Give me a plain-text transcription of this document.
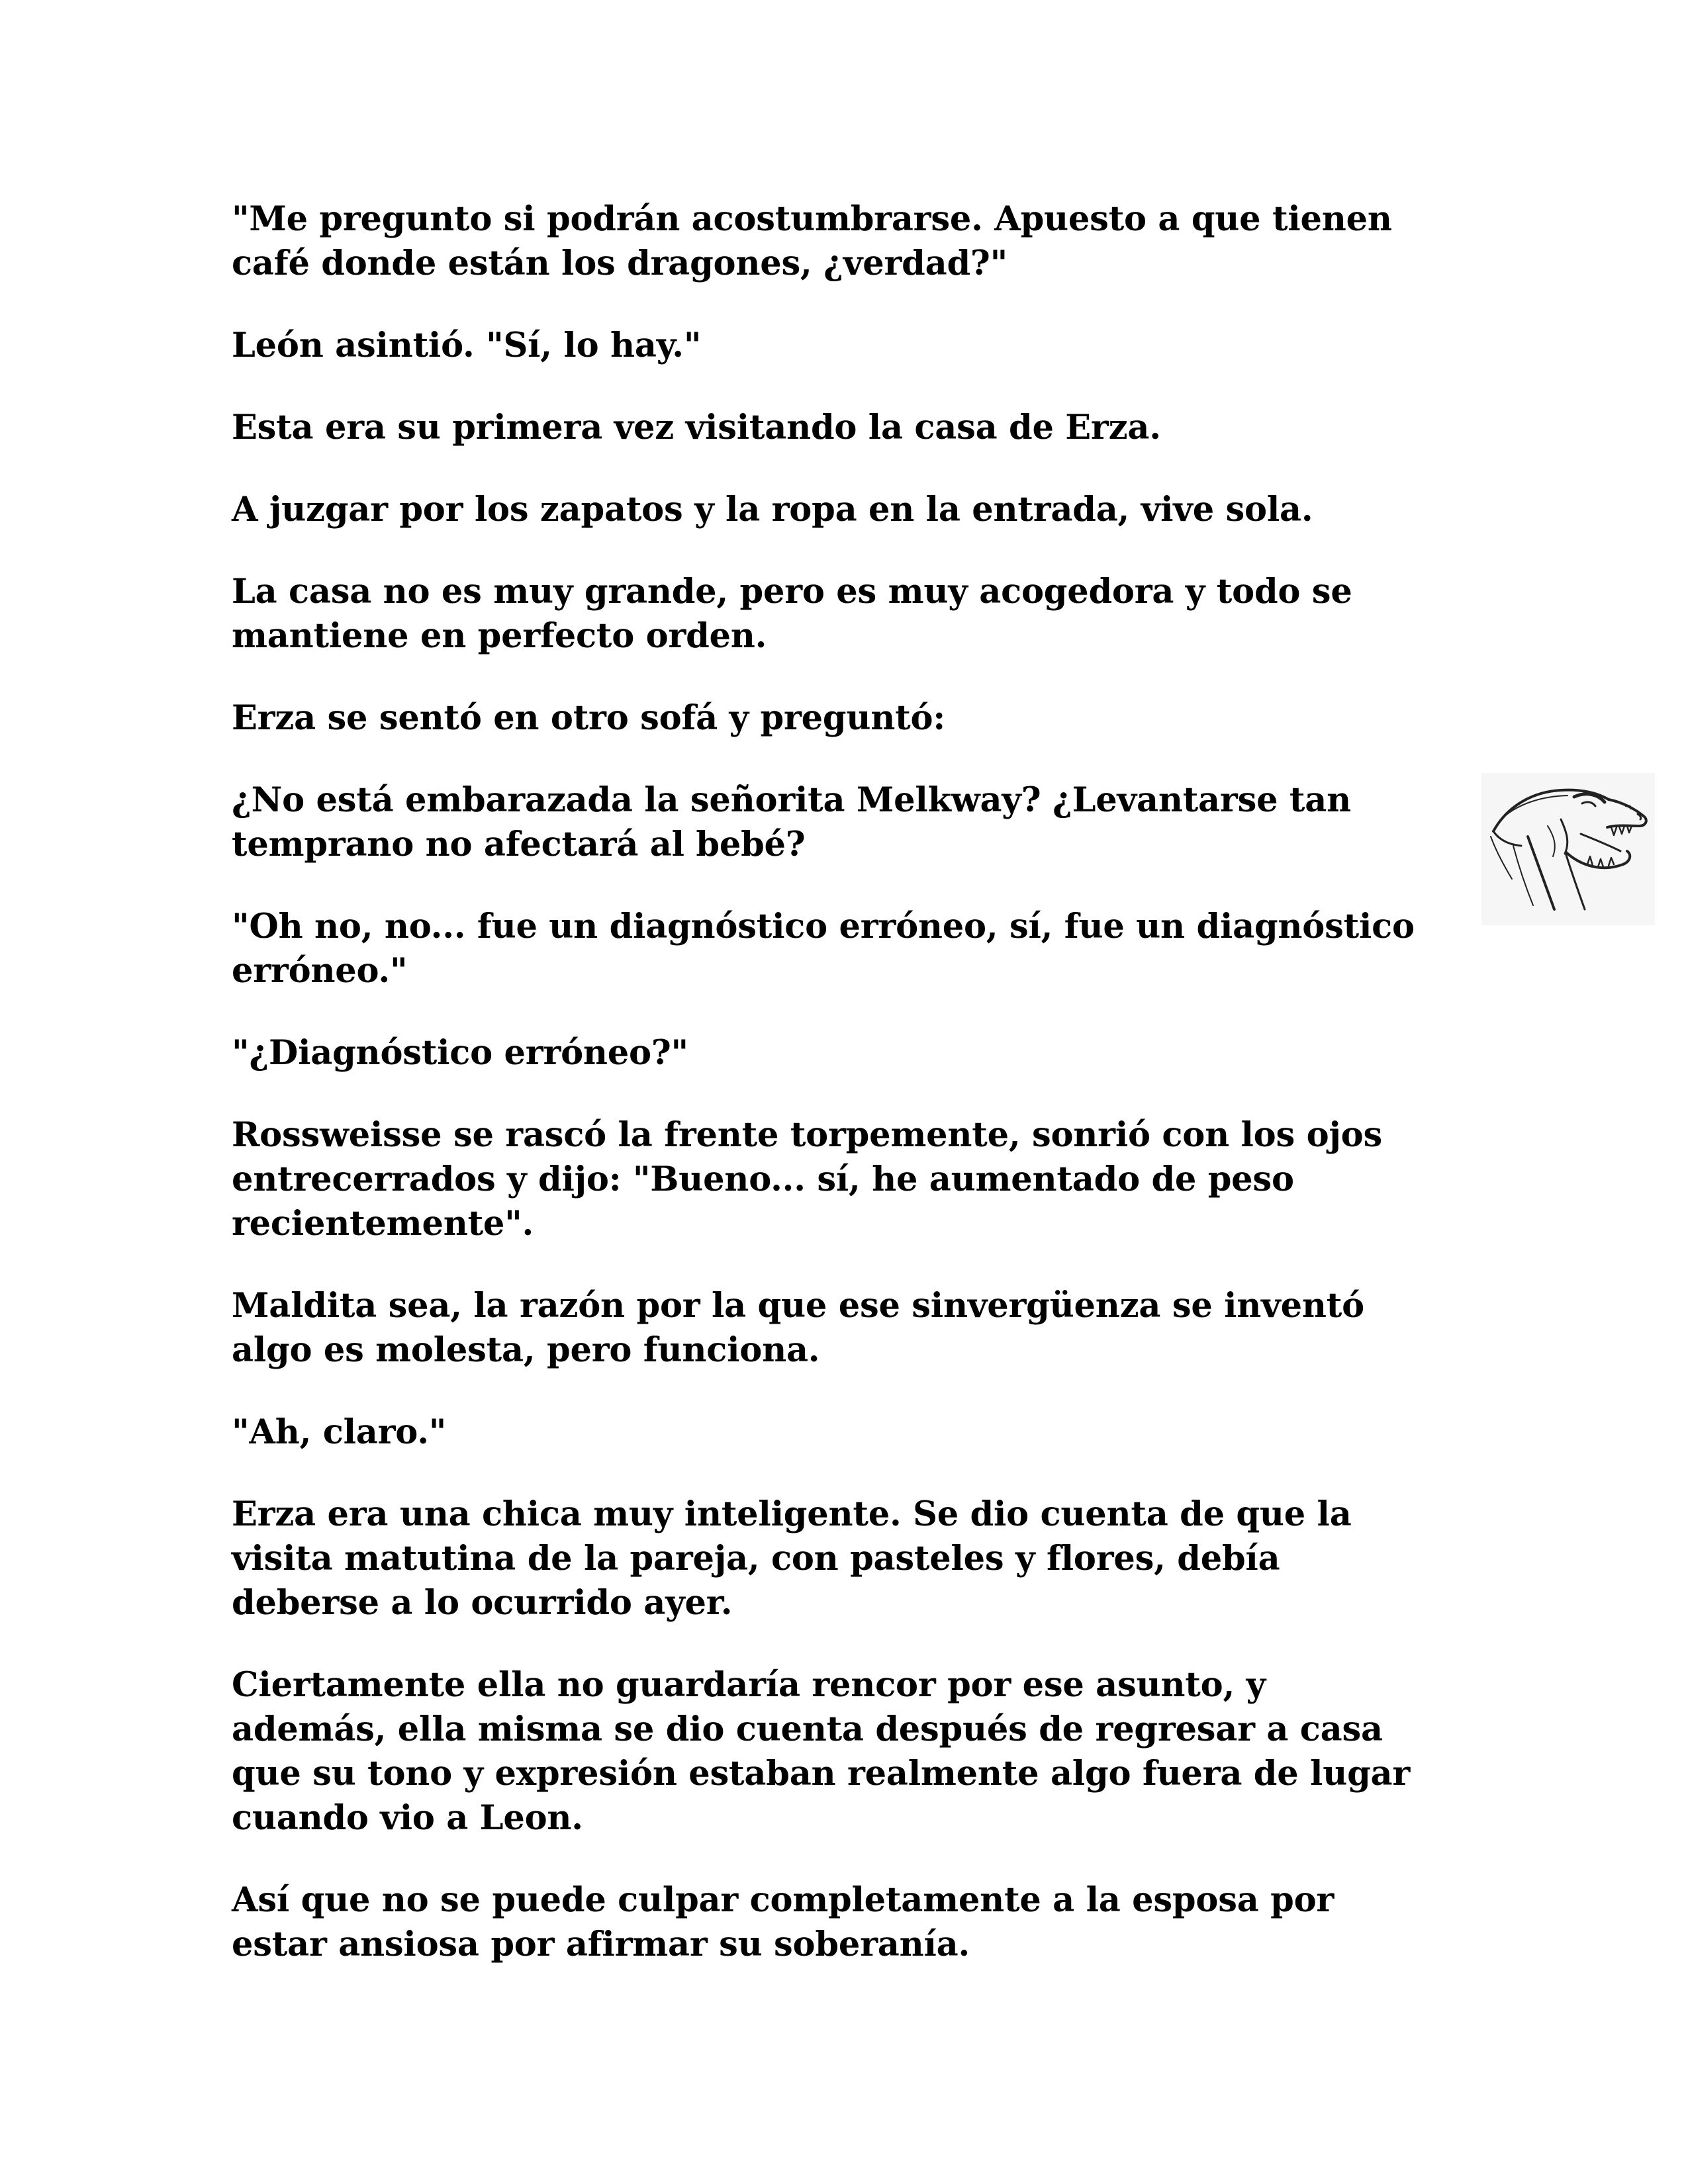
"Me pregunto si podrán acostumbrarse. Apuesto a que tienen
café donde están los dragones, ¿verdad?"

León asintió. "Sí, lo hay."

Esta era su primera vez visitando la casa de Erza.

A juzgar por los zapatos y la ropa en la entrada, vive sola.

La casa no es muy grande, pero es muy acogedora y todo se
mantiene en perfecto orden.

Erza se sentó en otro sofá y preguntó:

¿No está embarazada la señorita Melkway? ¿Levantarse tan
temprano no afectará al bebé?

"Oh no, no... fue un diagnóstico erróneo, sí, fue un diagnóstico
erróneo."

"¿Diagnóstico erróneo?"

Rossweisse se rascó la frente torpemente, sonrió con los ojos
entrecerrados y dijo: "Bueno... sí, he aumentado de peso
recientemente".

Maldita sea, la razón por la que ese sinvergüenza se inventó
algo es molesta, pero funciona.

"Ah, claro."

Erza era una chica muy inteligente. Se dio cuenta de que la
visita matutina de la pareja, con pasteles y flores, debía
deberse a lo ocurrido ayer.

Ciertamente ella no guardaría rencor por ese asunto, y
además, ella misma se dio cuenta después de regresar a casa
que su tono y expresión estaban realmente algo fuera de lugar
cuando vio a Leon.

Así que no se puede culpar completamente a la esposa por
estar ansiosa por afirmar su soberanía.
